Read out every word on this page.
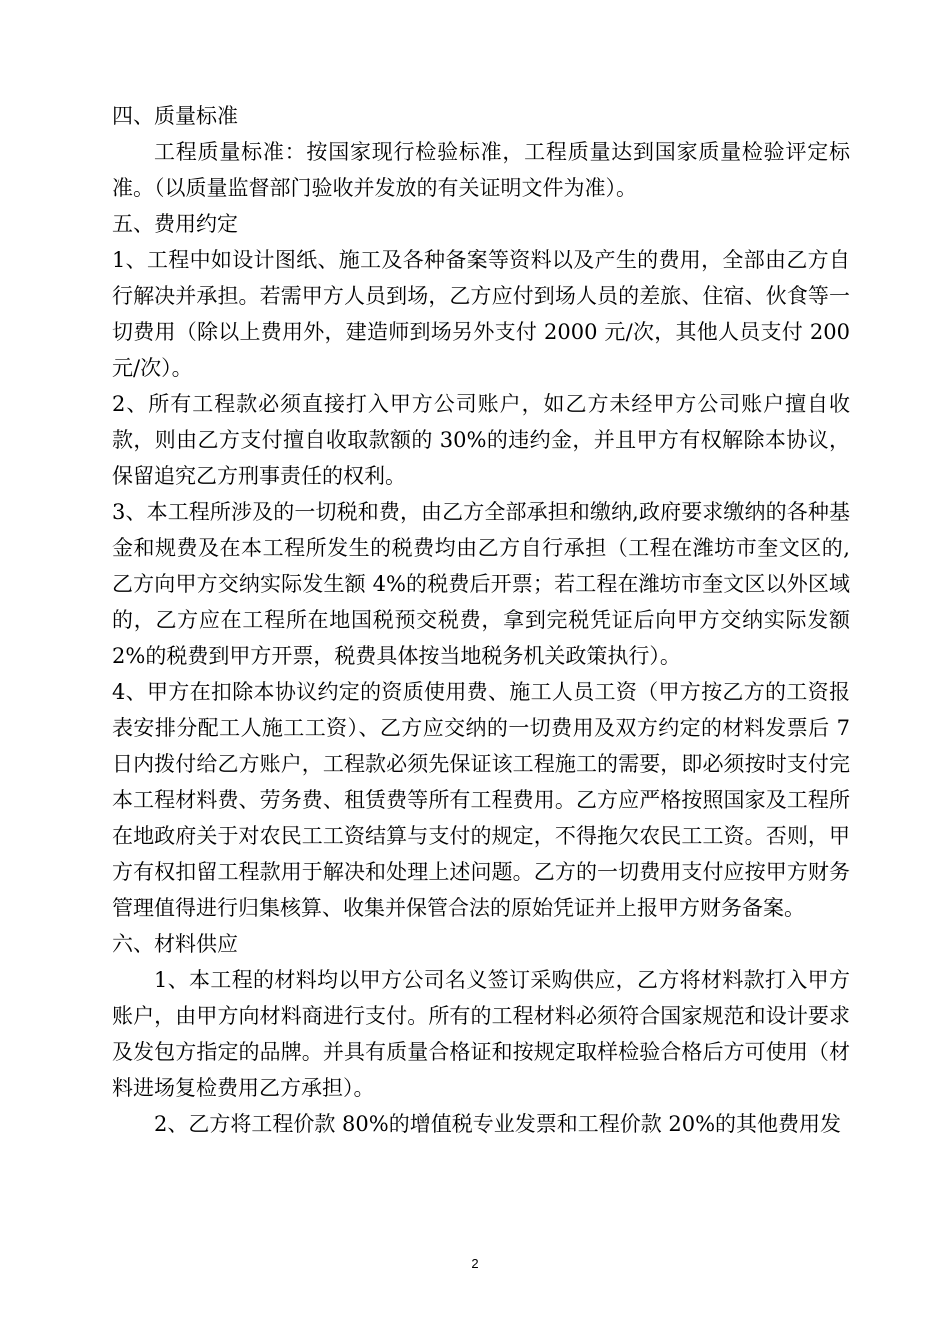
四、质量标准

工程质量标准：按国家现行检验标准，工程质量达到国家质量检验评定标准。（以质量监督部门验收并发放的有关证明文件为准）。

五、费用约定

1、工程中如设计图纸、施工及各种备案等资料以及产生的费用，全部由乙方自行解决并承担。若需甲方人员到场，乙方应付到场人员的差旅、住宿、伙食等一切费用（除以上费用外，建造师到场另外支付 2000 元/次，其他人员支付 200 元/次）。

2、所有工程款必须直接打入甲方公司账户，如乙方未经甲方公司账户擅自收款，则由乙方支付擅自收取款额的 30%的违约金，并且甲方有权解除本协议，保留追究乙方刑事责任的权利。

3、本工程所涉及的一切税和费，由乙方全部承担和缴纳,政府要求缴纳的各种基金和规费及在本工程所发生的税费均由乙方自行承担（工程在潍坊市奎文区的,乙方向甲方交纳实际发生额 4%的税费后开票；若工程在潍坊市奎文区以外区域的，乙方应在工程所在地国税预交税费，拿到完税凭证后向甲方交纳实际发额 2%的税费到甲方开票，税费具体按当地税务机关政策执行）。

4、甲方在扣除本协议约定的资质使用费、施工人员工资（甲方按乙方的工资报表安排分配工人施工工资）、乙方应交纳的一切费用及双方约定的材料发票后 7 日内拨付给乙方账户，工程款必须先保证该工程施工的需要，即必须按时支付完本工程材料费、劳务费、租赁费等所有工程费用。乙方应严格按照国家及工程所在地政府关于对农民工工资结算与支付的规定，不得拖欠农民工工资。否则，甲方有权扣留工程款用于解决和处理上述问题。乙方的一切费用支付应按甲方财务管理值得进行归集核算、收集并保管合法的原始凭证并上报甲方财务备案。

六、材料供应

1、本工程的材料均以甲方公司名义签订采购供应，乙方将材料款打入甲方账户，由甲方向材料商进行支付。所有的工程材料必须符合国家规范和设计要求及发包方指定的品牌。并具有质量合格证和按规定取样检验合格后方可使用（材料进场复检费用乙方承担）。

2、乙方将工程价款 80%的增值税专业发票和工程价款 20%的其他费用发

2
